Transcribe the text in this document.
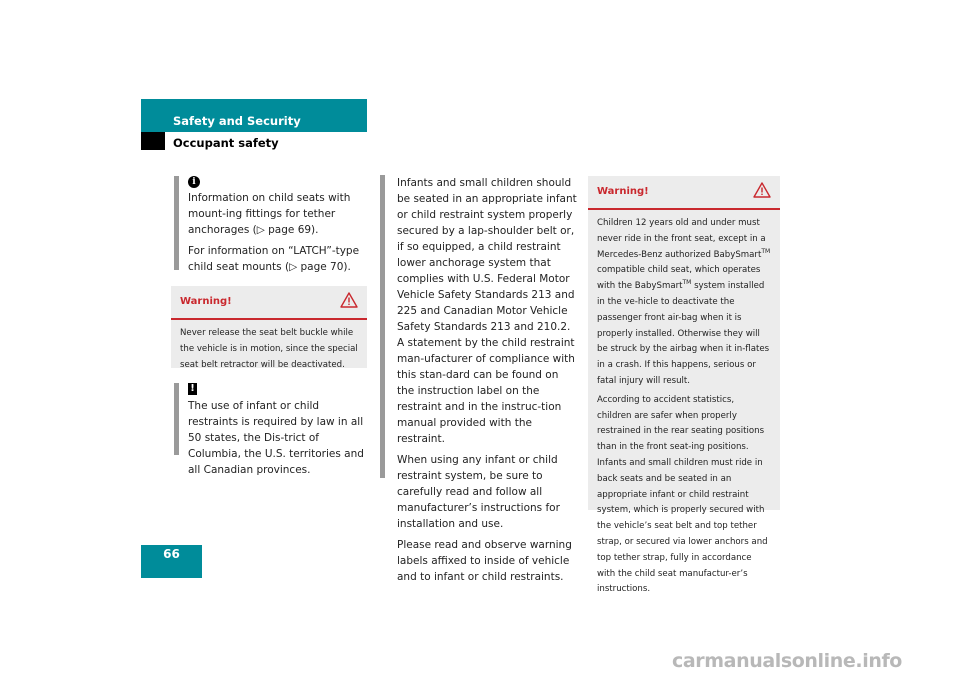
Safety and Security
Occupant safety
i

Information on child seats with mount-ing fittings for tether anchorages (▷ page 69).

For information on “LATCH”-type child seat mounts (▷ page 70).

Warning!

Never release the seat belt buckle while the vehicle is in motion, since the special seat belt retractor will be deactivated.

!

The use of infant or child restraints is required by law in all 50 states, the Dis-trict of Columbia, the U.S. territories and all Canadian provinces.

Infants and small children should be seated in an appropriate infant or child restraint system properly secured by a lap-shoulder belt or, if so equipped, a child restraint lower anchorage system that complies with U.S. Federal Motor Vehicle Safety Standards 213 and 225 and Canadian Motor Vehicle Safety Standards 213 and 210.2.

A statement by the child restraint man-ufacturer of compliance with this stan-dard can be found on the instruction label on the restraint and in the instruc-tion manual provided with the restraint.

When using any infant or child restraint system, be sure to carefully read and follow all manufacturer’s instructions for installation and use.

Please read and observe warning labels affixed to inside of vehicle and to infant or child restraints.

Warning!

Children 12 years old and under must never ride in the front seat, except in a Mercedes-Benz authorized BabySmart™ compatible child seat, which operates with the BabySmart™ system installed in the ve-hicle to deactivate the passenger front air-bag when it is properly installed. Otherwise they will be struck by the airbag when it in-flates in a crash. If this happens, serious or fatal injury will result.

According to accident statistics, children are safer when properly restrained in the rear seating positions than in the front seat-ing positions. Infants and small children must ride in back seats and be seated in an appropriate infant or child restraint system, which is properly secured with the vehicle’s seat belt and top tether strap, or secured via lower anchors and top tether strap, fully in accordance with the child seat manufactur-er’s instructions.

66
carmanualsonline.info
